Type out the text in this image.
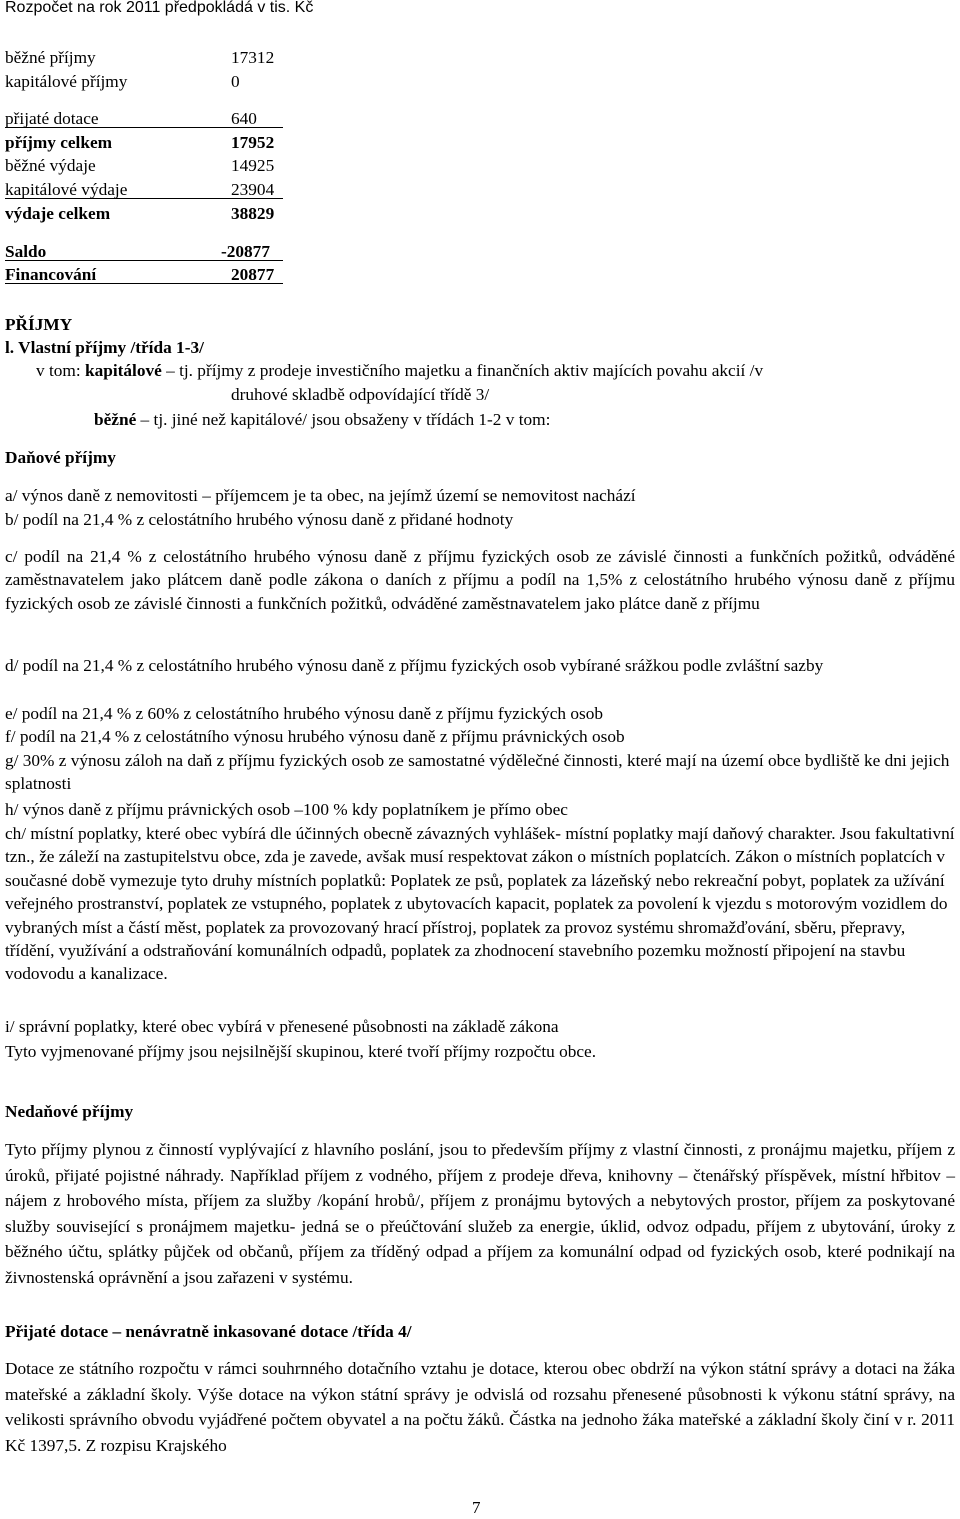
Rozpočet na rok 2011 předpokládá v tis. Kč
běžné příjmy	17312
kapitálové příjmy	0
přijaté dotace	640
příjmy celkem	17952
běžné výdaje	14925
kapitálové výdaje	23904
výdaje celkem	38829
Saldo	-20877
Financování	20877
PŘÍJMY
l. Vlastní příjmy /třída 1-3/
v tom: kapitálové – tj. příjmy z prodeje investičního majetku a finančních aktiv majících povahu akcií /v
druhové skladbě odpovídající třídě 3/
běžné – tj. jiné než kapitálové/ jsou obsaženy v třídách 1-2 v tom:
Daňové příjmy
a/ výnos daně z nemovitosti – příjemcem je ta obec, na jejímž území se nemovitost nachází
b/ podíl na 21,4 % z celostátního hrubého výnosu daně z přidané hodnoty
c/ podíl na 21,4 % z celostátního hrubého výnosu daně z příjmu fyzických osob ze závislé činnosti a funkčních požitků, odváděné zaměstnavatelem jako plátcem daně podle zákona o daních z příjmu a podíl na 1,5% z celostátního hrubého výnosu daně z příjmu fyzických osob ze závislé činnosti a funkčních požitků, odváděné zaměstnavatelem jako plátce daně z příjmu
d/ podíl na 21,4 % z celostátního hrubého výnosu daně z příjmu fyzických osob vybírané srážkou podle zvláštní sazby
e/ podíl na 21,4 % z 60% z celostátního hrubého výnosu daně z příjmu fyzických osob
f/ podíl na 21,4 % z celostátního výnosu hrubého výnosu daně z příjmu právnických osob
g/ 30% z výnosu záloh na daň z příjmu fyzických osob ze samostatné výdělečné činnosti, které mají na území obce bydliště ke dni jejich splatnosti
h/ výnos daně z příjmu právnických osob –100 % kdy poplatníkem je přímo obec
ch/ místní poplatky, které obec vybírá dle účinných obecně závazných vyhlášek- místní poplatky mají daňový charakter. Jsou fakultativní tzn., že záleží na zastupitelstvu obce, zda je zavede, avšak musí respektovat zákon o místních poplatcích. Zákon o místních poplatcích v současné době vymezuje tyto druhy místních poplatků: Poplatek ze psů, poplatek za lázeňský nebo rekreační pobyt, poplatek za užívání veřejného prostranství, poplatek ze vstupného, poplatek z ubytovacích kapacit, poplatek za povolení k vjezdu s motorovým vozidlem do vybraných míst a částí měst, poplatek za provozovaný hrací přístroj, poplatek za provoz systému shromažďování, sběru, přepravy, třídění, využívání a odstraňování komunálních odpadů, poplatek za zhodnocení stavebního pozemku možností připojení na stavbu vodovodu a kanalizace.
i/ správní poplatky, které obec vybírá v přenesené působnosti na základě zákona
Tyto vyjmenované příjmy jsou nejsilnější skupinou, které tvoří příjmy rozpočtu obce.
Nedaňové příjmy
Tyto příjmy plynou z činností vyplývající z hlavního poslání, jsou to především příjmy z vlastní činnosti, z pronájmu majetku, příjem z úroků, přijaté pojistné náhrady. Například příjem z vodného, příjem z prodeje dřeva, knihovny – čtenářský příspěvek, místní hřbitov – nájem z hrobového místa, příjem za služby /kopání hrobů/, příjem z pronájmu bytových a nebytových prostor, příjem za poskytované služby související s pronájmem majetku- jedná se o přeúčtování služeb za energie, úklid, odvoz odpadu, příjem z ubytování, úroky z běžného účtu, splátky půjček od občanů, příjem za tříděný odpad a příjem za komunální odpad od fyzických osob, které podnikají na živnostenská oprávnění a jsou zařazeni v systému.
Přijaté dotace – nenávratně inkasované dotace /třída 4/
Dotace ze státního rozpočtu v rámci souhrnného dotačního vztahu je dotace, kterou obec obdrží na výkon státní správy a dotaci na žáka mateřské a základní školy. Výše dotace na výkon státní správy je odvislá od rozsahu přenesené působnosti k výkonu státní správy, na velikosti správního obvodu vyjádřené počtem obyvatel a na počtu žáků. Částka na jednoho žáka mateřské a základní školy činí v r. 2011 Kč 1397,5. Z rozpisu Krajského
7
